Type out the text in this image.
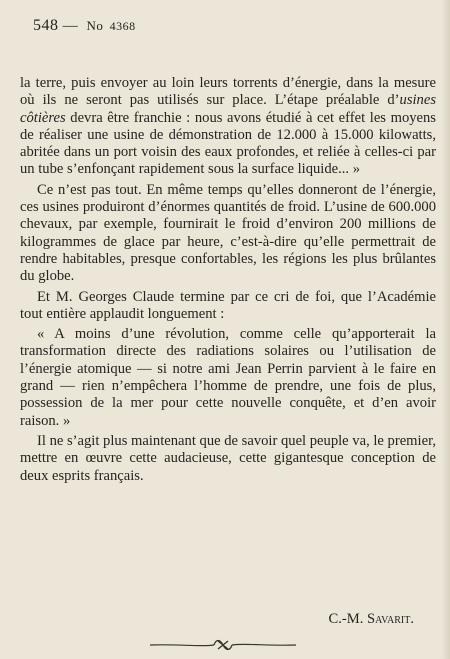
548 — No 4368

la terre, puis envoyer au loin leurs torrents d’énergie, dans la mesure où ils ne seront pas utilisés sur place. L’étape préalable d’usines côtières devra être franchie : nous avons étudié à cet effet les moyens de réaliser une usine de démonstration de 12.000 à 15.000 kilowatts, abritée dans un port voisin des eaux profondes, et reliée à celles-ci par un tube s’enfonçant rapidement sous la surface liquide... »

Ce n’est pas tout. En même temps qu’elles donneront de l’énergie, ces usines produiront d’énormes quantités de froid. L’usine de 600.000 chevaux, par exemple, fournirait le froid d’environ 200 millions de kilogrammes de glace par heure, c’est-à-dire qu’elle permettrait de rendre habitables, presque confortables, les régions les plus brûlantes du globe.

Et M. Georges Claude termine par ce cri de foi, que l’Académie tout entière applaudit longuement :

« A moins d’une révolution, comme celle qu’apporterait la transformation directe des radiations solaires ou l’utilisation de l’énergie atomique — si notre ami Jean Perrin parvient à le faire en grand — rien n’empêchera l’homme de prendre, une fois de plus, possession de la mer pour cette nouvelle conquête, et d’en avoir raison. »

Il ne s’agit plus maintenant que de savoir quel peuple va, le premier, mettre en œuvre cette audacieuse, cette gigantesque conception de deux esprits français.

C.-M. Savarit.
